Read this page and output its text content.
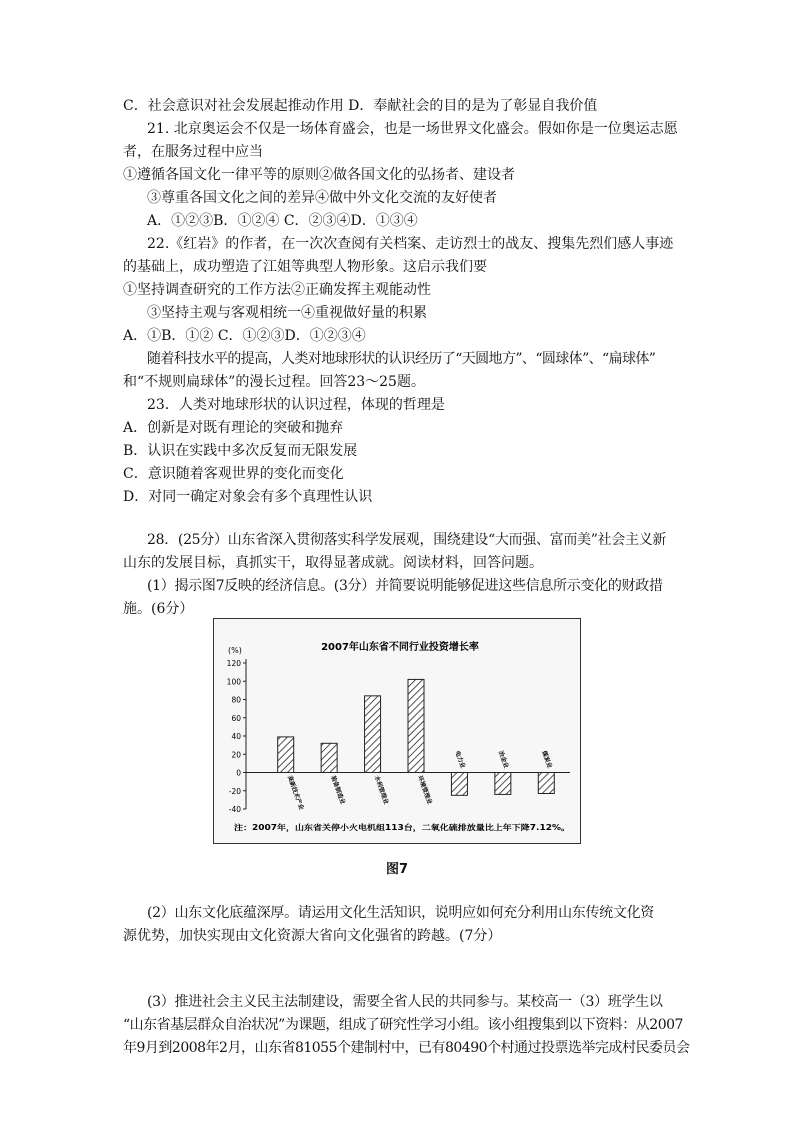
C．社会意识对社会发展起推动作用 D．奉献社会的目的是为了彰显自我价值
21. 北京奥运会不仅是一场体育盛会，也是一场世界文化盛会。假如你是一位奥运志愿
者，在服务过程中应当
①遵循各国文化一律平等的原则②做各国文化的弘扬者、建设者
③尊重各国文化之间的差异④做中外文化交流的友好使者
A．①②③B．①②④ C．②③④D．①③④
22.《红岩》的作者，在一次次查阅有关档案、走访烈士的战友、搜集先烈们感人事迹
的基础上，成功塑造了江姐等典型人物形象。这启示我们要
①坚持调查研究的工作方法②正确发挥主观能动性
③坚持主观与客观相统一④重视做好量的积累
A．①B．①② C．①②③D．①②③④
随着科技水平的提高，人类对地球形状的认识经历了“天圆地方”、“圆球体”、“扁球体”
和“不规则扁球体”的漫长过程。回答23～25题。
23．人类对地球形状的认识过程，体现的哲理是
A．创新是对既有理论的突破和抛弃
B．认识在实践中多次反复而无限发展
C．意识随着客观世界的变化而变化
D．对同一确定对象会有多个真理性认识
28．(25分）山东省深入贯彻落实科学发展观，围绕建设“大而强、富而美”社会主义新
山东的发展目标，真抓实干，取得显著成就。阅读材料，回答问题。
(1）揭示图7反映的经济信息。(3分）并简要说明能够促进这些信息所示变化的财政措
施。(6分）
(2）山东文化底蕴深厚。请运用文化生活知识，说明应如何充分利用山东传统文化资
源优势，加快实现由文化资源大省向文化强省的跨越。(7分）
(3）推进社会主义民主法制建设，需要全省人民的共同参与。某校高一（3）班学生以
“山东省基层群众自治状况”为课题，组成了研究性学习小组。该小组搜集到以下资料：从2007
年9月到2008年2月，山东省81055个建制村中，已有80490个村通过投票选举完成村民委员会
2007年山东省不同行业投资增长率
(%)
120
100
80
60
40
20
0
-20
-40	高新技术产业	装备制造业	水利管理业	环境管理业
电力业	冶金业	煤炭业
注：2007年，山东省关停小火电机组113台，二氧化硫排放量比上年下降7.12%。
图7
